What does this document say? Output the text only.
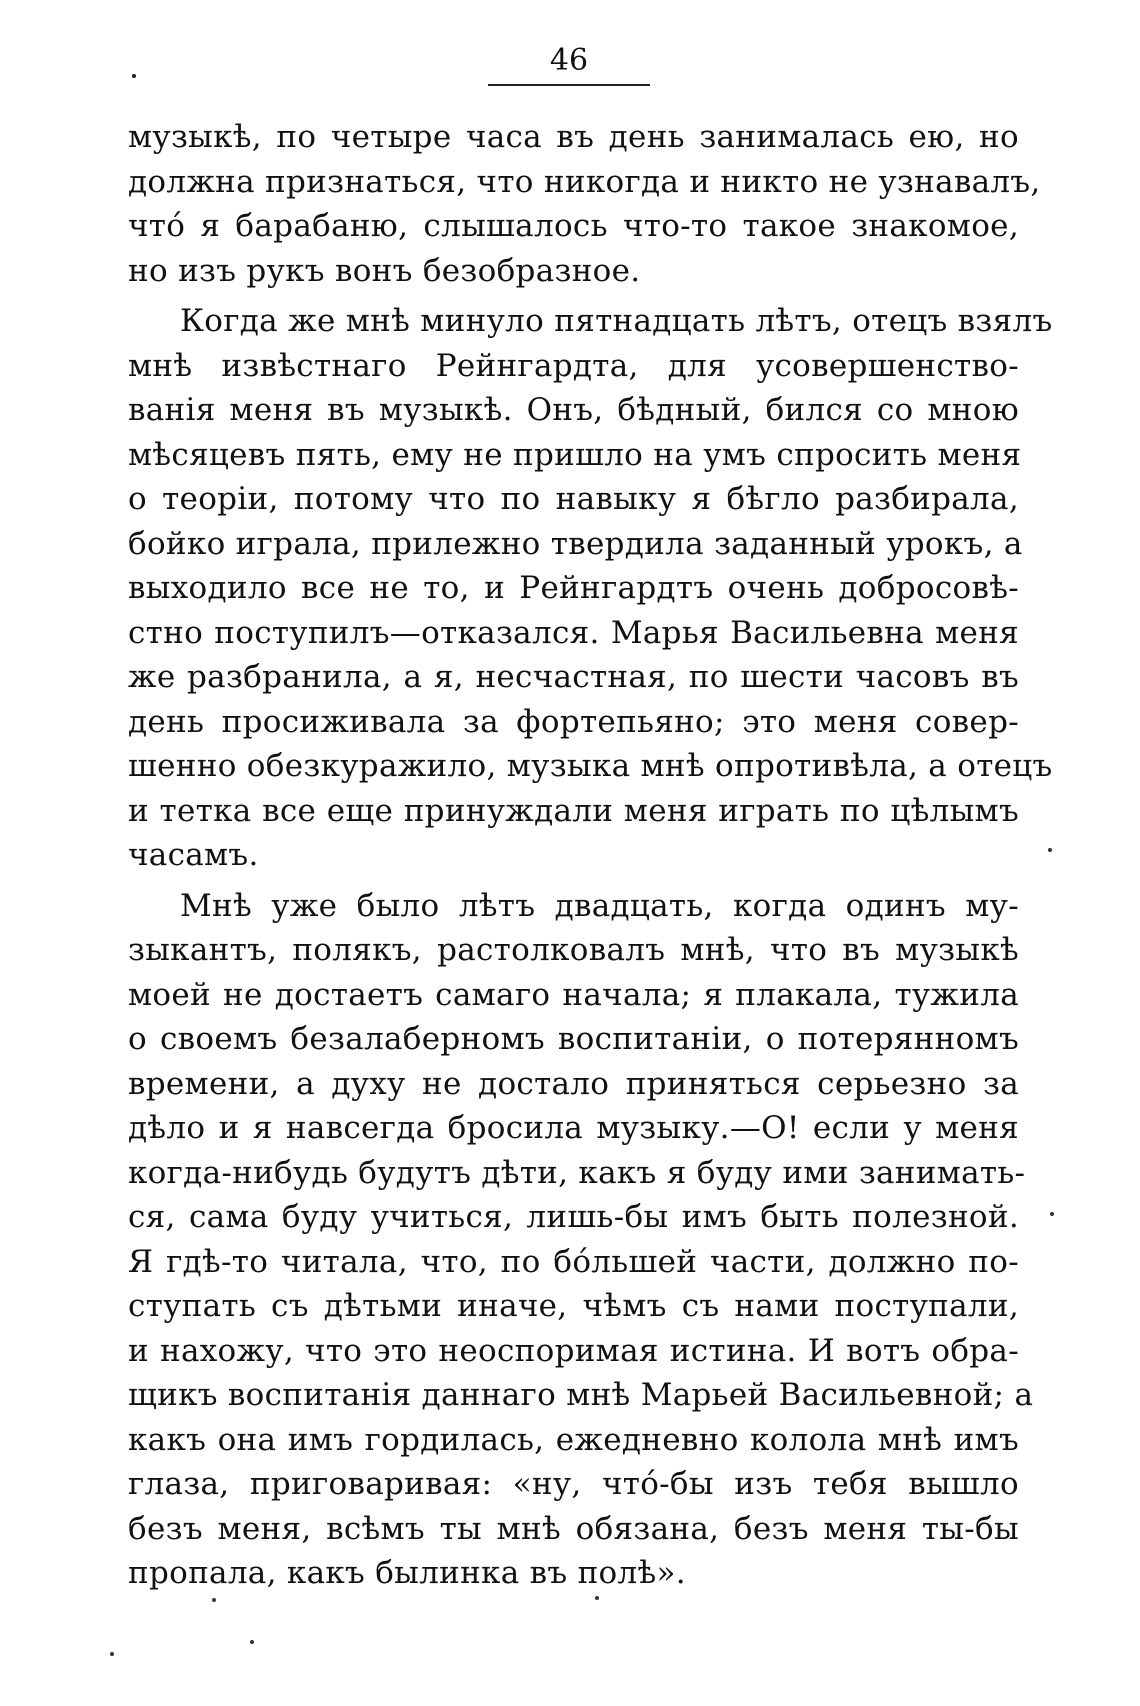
46

музыкѣ, по четыре часа въ день занималась ею, но
должна признаться, что никогда и никто не узнавалъ,
чтó я барабаню, слышалось что-то такое знакомое,
но изъ рукъ вонъ безобразное.

Когда же мнѣ минуло пятнадцать лѣтъ, отецъ взялъ
мнѣ извѣстнаго Рейнгардта, для усовершенство-
ванія меня въ музыкѣ. Онъ, бѣдный, бился со мною
мѣсяцевъ пять, ему не пришло на умъ спросить меня
о теоріи, потому что по навыку я бѣгло разбирала,
бойко играла, прилежно твердила заданный урокъ, а
выходило все не то, и Рейнгардтъ очень добросовѣ-
стно поступилъ—отказался. Марья Васильевна меня
же разбранила, а я, несчастная, по шести часовъ въ
день просиживала за фортепьяно; это меня совер-
шенно обезкуражило, музыка мнѣ опротивѣла, а отецъ
и тетка все еще принуждали меня играть по цѣлымъ
часамъ.

Мнѣ уже было лѣтъ двадцать, когда одинъ му-
зыкантъ, полякъ, растолковалъ мнѣ, что въ музыкѣ
моей не достаетъ самаго начала; я плакала, тужила
о своемъ безалаберномъ воспитаніи, о потерянномъ
времени, а духу не достало приняться серьезно за
дѣло и я навсегда бросила музыку.—О! если у меня
когда-нибудь будутъ дѣти, какъ я буду ими занимать-
ся, сама буду учиться, лишь-бы имъ быть полезной.
Я гдѣ-то читала, что, по бóльшей части, должно по-
ступать съ дѣтьми иначе, чѣмъ съ нами поступали,
и нахожу, что это неоспоримая истина. И вотъ обра-
щикъ воспитанія даннаго мнѣ Марьей Васильевной; а
какъ она имъ гордилась, ежедневно колола мнѣ имъ
глаза, приговаривая: «ну, чтó-бы изъ тебя вышло
безъ меня, всѣмъ ты мнѣ обязана, безъ меня ты-бы
пропала, какъ былинка въ полѣ».
